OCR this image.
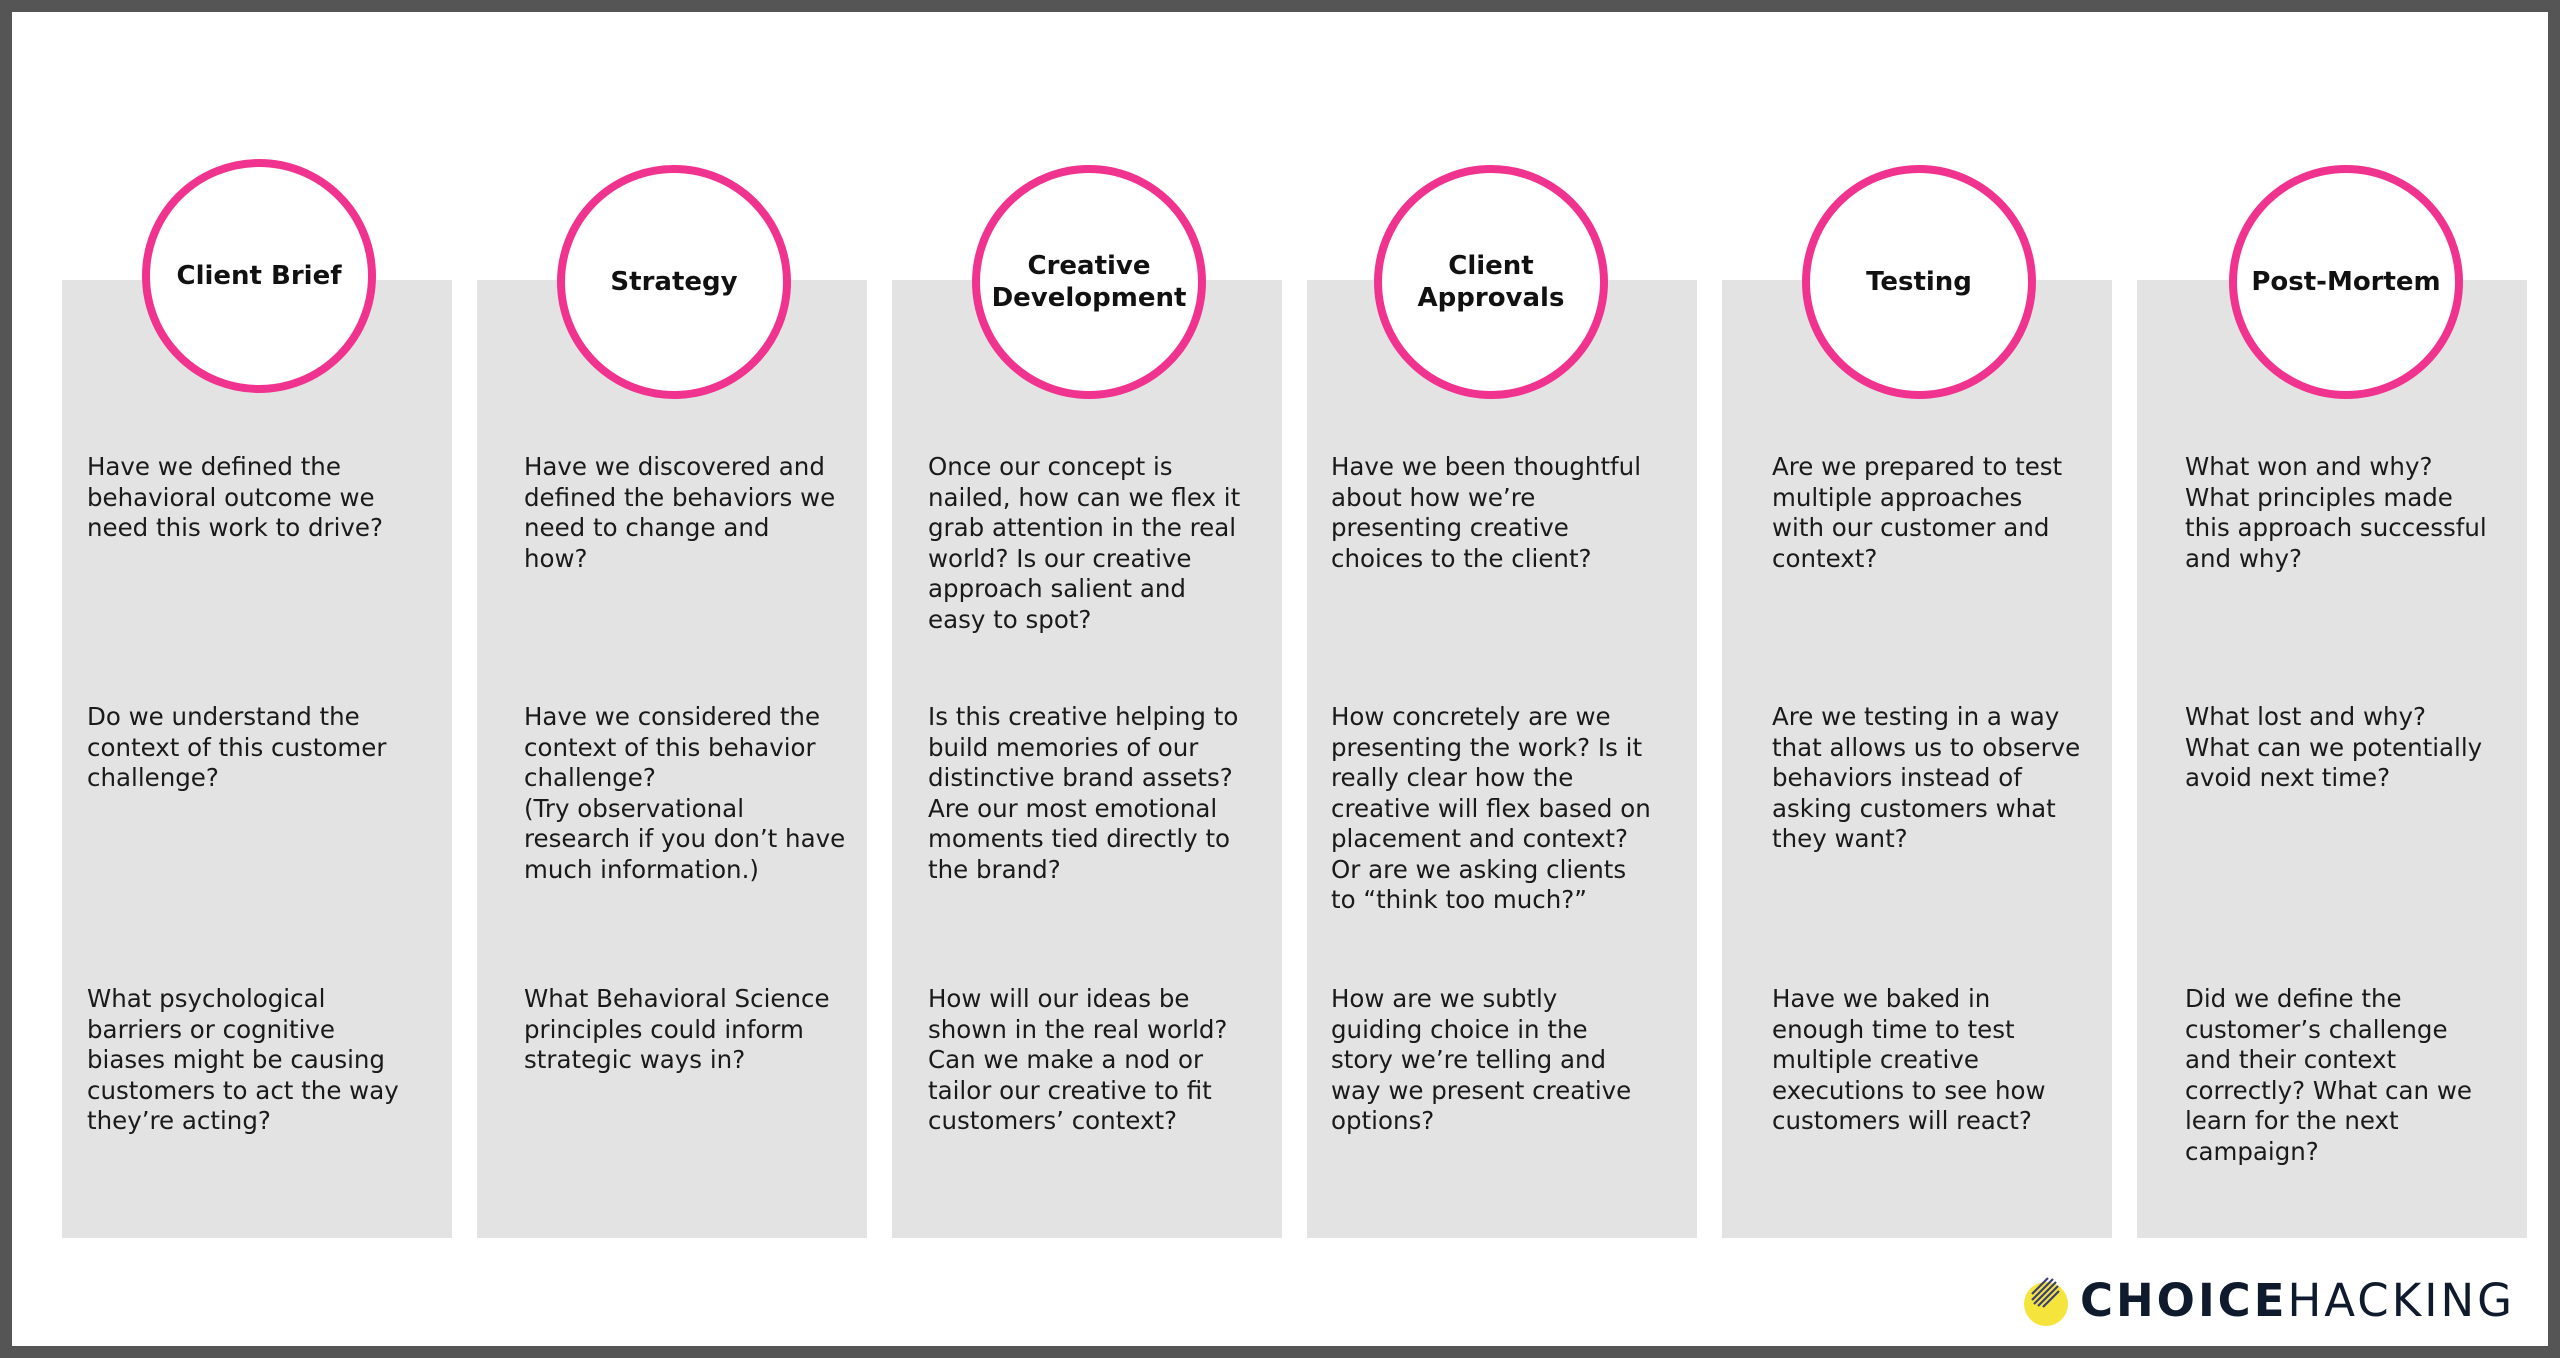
Client Brief
Have we defined the
behavioral outcome we
need this work to drive?
Do we understand the
context of this customer
challenge?
What psychological
barriers or cognitive
biases might be causing
customers to act the way
they’re acting?
Strategy
Have we discovered and
defined the behaviors we
need to change and
how?
Have we considered the
context of this behavior
challenge?
(Try observational
research if you don’t have
much information.)
What Behavioral Science
principles could inform
strategic ways in?
Creative
Development
Once our concept is
nailed, how can we flex it
grab attention in the real
world? Is our creative
approach salient and
easy to spot?
Is this creative helping to
build memories of our
distinctive brand assets?
Are our most emotional
moments tied directly to
the brand?
How will our ideas be
shown in the real world?
Can we make a nod or
tailor our creative to fit
customers’ context?
Client
Approvals
Have we been thoughtful
about how we’re
presenting creative
choices to the client?
How concretely are we
presenting the work? Is it
really clear how the
creative will flex based on
placement and context?
Or are we asking clients
to “think too much?”
How are we subtly
guiding choice in the
story we’re telling and
way we present creative
options?
Testing
Are we prepared to test
multiple approaches
with our customer and
context?
Are we testing in a way
that allows us to observe
behaviors instead of
asking customers what
they want?
Have we baked in
enough time to test
multiple creative
executions to see how
customers will react?
Post-Mortem
What won and why?
What principles made
this approach successful
and why?
What lost and why?
What can we potentially
avoid next time?
Did we define the
customer’s challenge
and their context
correctly? What can we
learn for the next
campaign?
CHOICEHACKING
